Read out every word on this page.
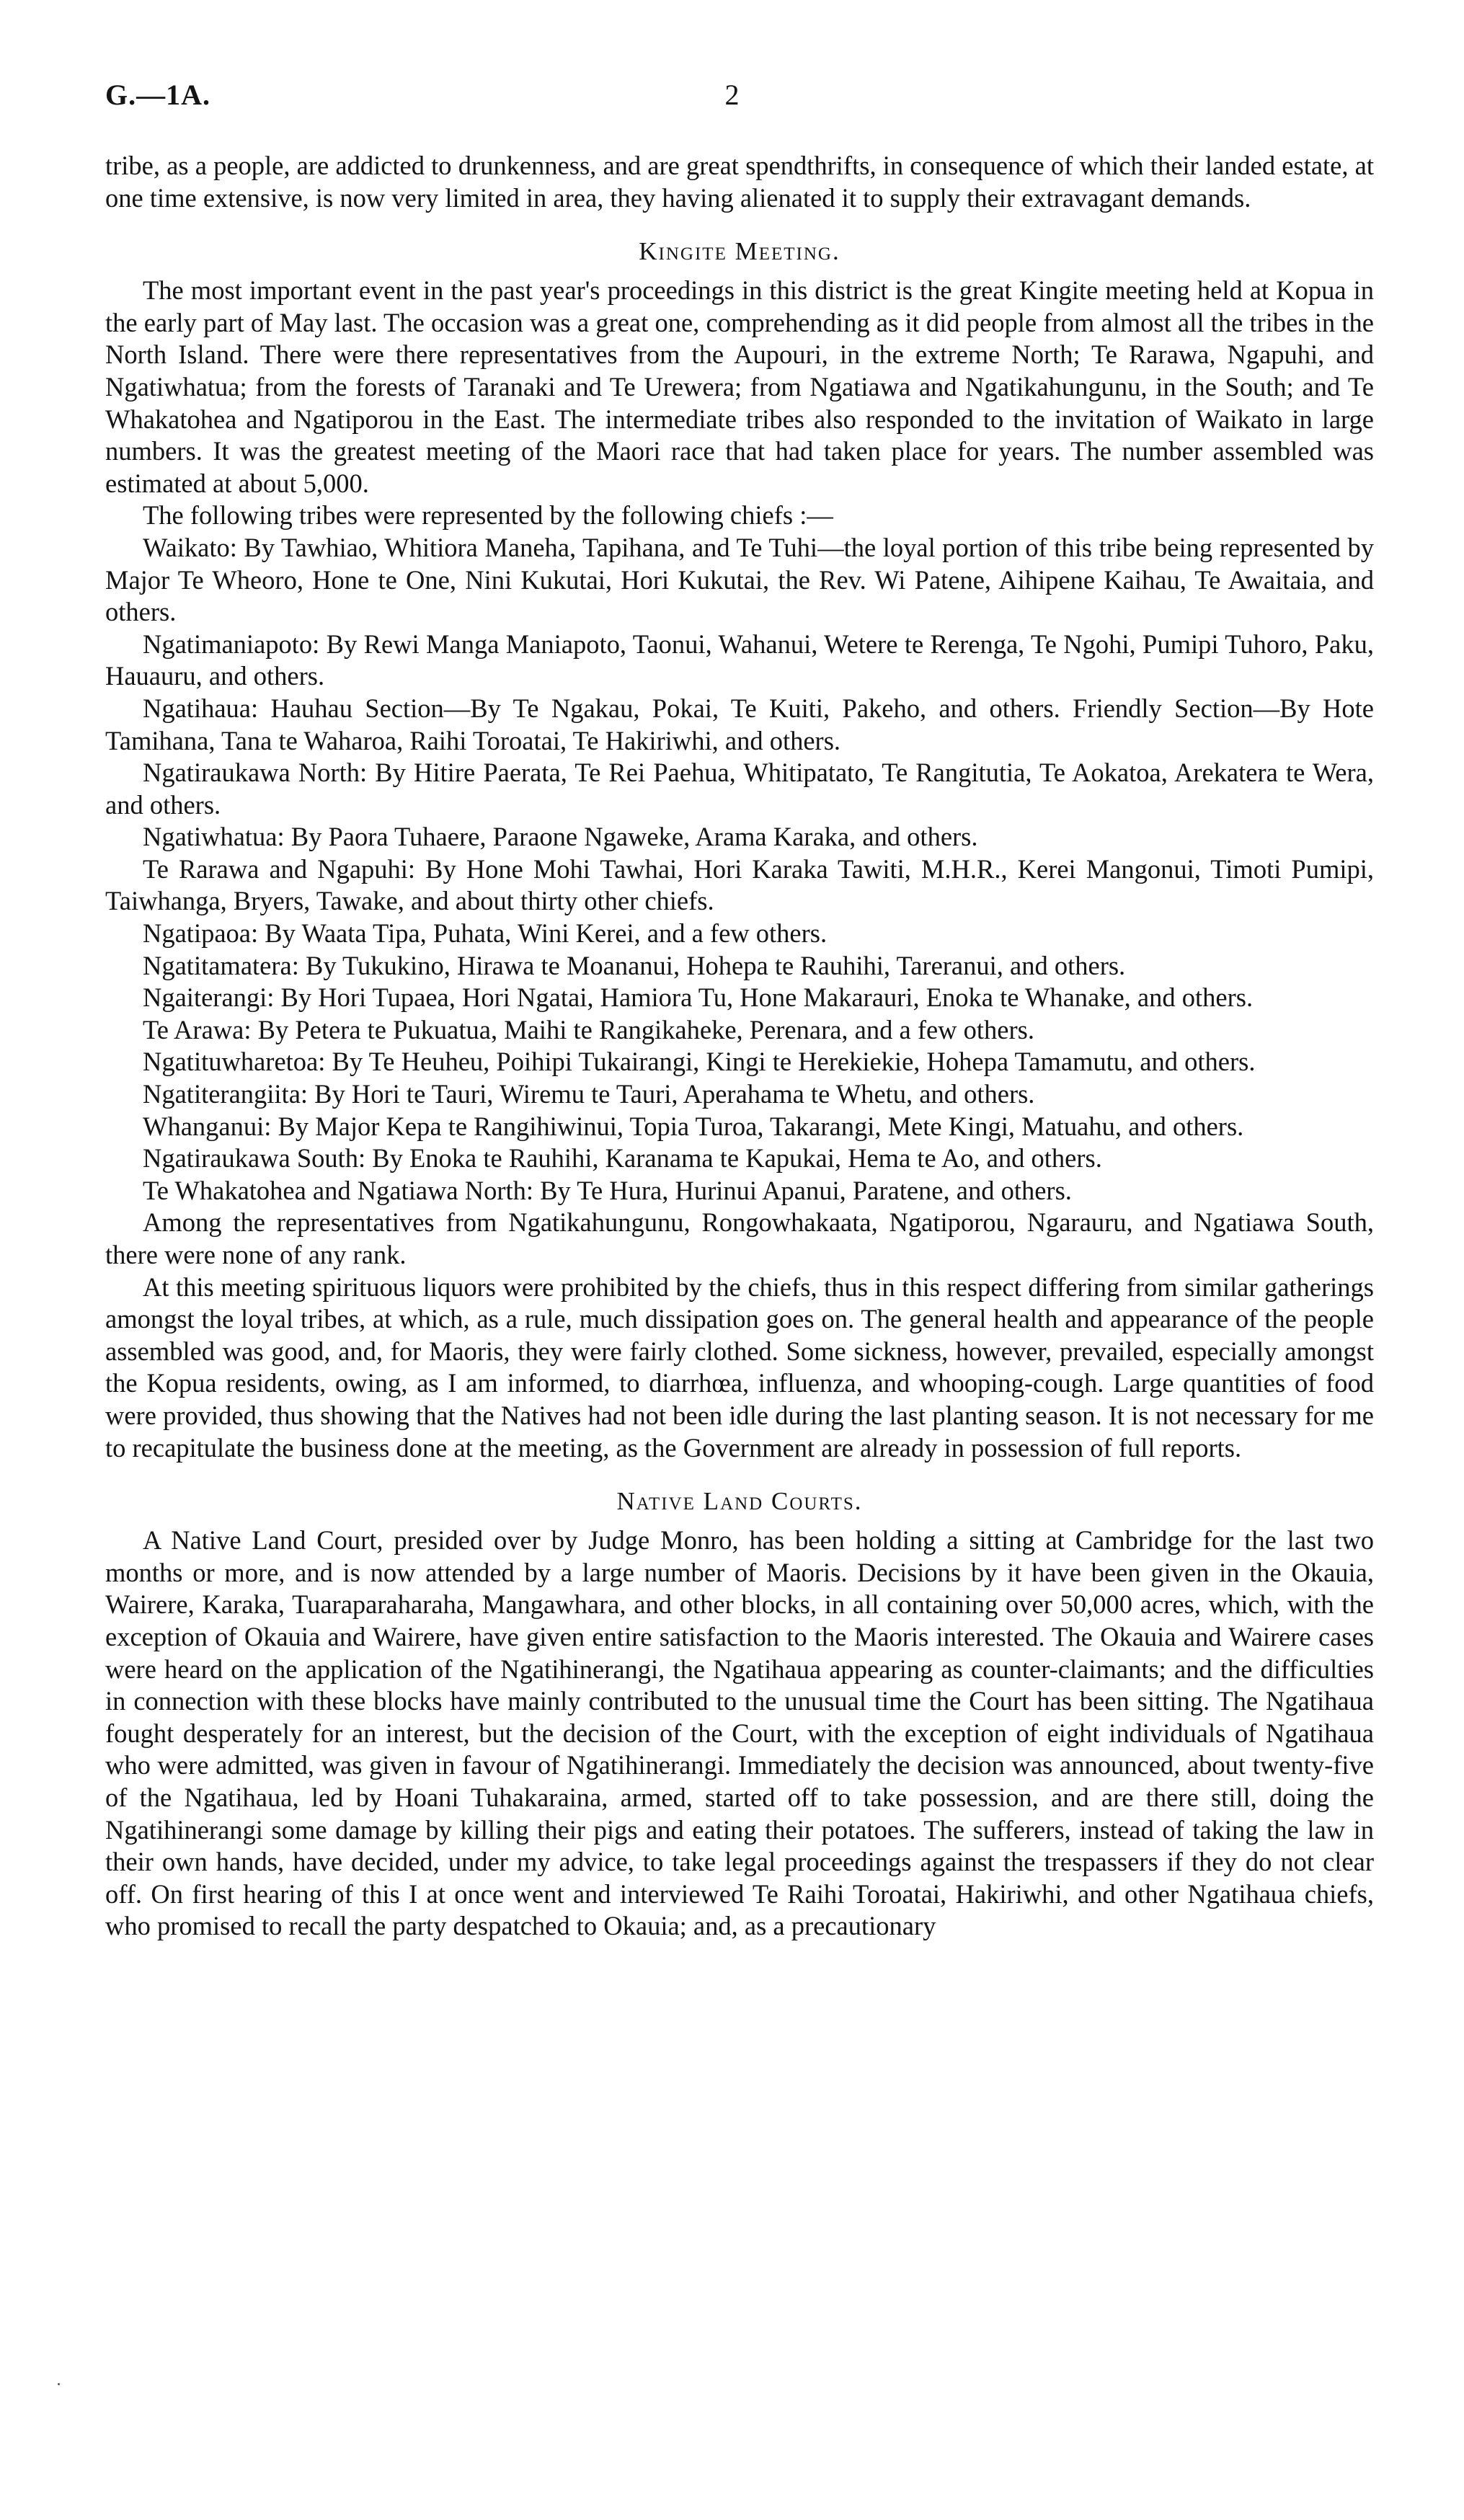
G.—1A.	2

tribe, as a people, are addicted to drunkenness, and are great spendthrifts, in consequence of which their landed estate, at one time extensive, is now very limited in area, they having alienated it to supply their extravagant demands.

Kingite Meeting.

The most important event in the past year's proceedings in this district is the great Kingite meeting held at Kopua in the early part of May last. The occasion was a great one, comprehending as it did people from almost all the tribes in the North Island. There were there representatives from the Aupouri, in the extreme North; Te Rarawa, Ngapuhi, and Ngatiwhatua; from the forests of Taranaki and Te Urewera; from Ngatiawa and Ngatikahungunu, in the South; and Te Whakatohea and Ngatiporou in the East. The intermediate tribes also responded to the invitation of Waikato in large numbers. It was the greatest meeting of the Maori race that had taken place for years. The number assembled was estimated at about 5,000.

The following tribes were represented by the following chiefs :—

Waikato: By Tawhiao, Whitiora Maneha, Tapihana, and Te Tuhi—the loyal portion of this tribe being represented by Major Te Wheoro, Hone te One, Nini Kukutai, Hori Kukutai, the Rev. Wi Patene, Aihipene Kaihau, Te Awaitaia, and others.

Ngatimaniapoto: By Rewi Manga Maniapoto, Taonui, Wahanui, Wetere te Rerenga, Te Ngohi, Pumipi Tuhoro, Paku, Hauauru, and others.

Ngatihaua: Hauhau Section—By Te Ngakau, Pokai, Te Kuiti, Pakeho, and others. Friendly Section—By Hote Tamihana, Tana te Waharoa, Raihi Toroatai, Te Hakiriwhi, and others.

Ngatiraukawa North: By Hitire Paerata, Te Rei Paehua, Whitipatato, Te Rangitutia, Te Aokatoa, Arekatera te Wera, and others.

Ngatiwhatua: By Paora Tuhaere, Paraone Ngaweke, Arama Karaka, and others.

Te Rarawa and Ngapuhi: By Hone Mohi Tawhai, Hori Karaka Tawiti, M.H.R., Kerei Mangonui, Timoti Pumipi, Taiwhanga, Bryers, Tawake, and about thirty other chiefs.

Ngatipaoa: By Waata Tipa, Puhata, Wini Kerei, and a few others.

Ngatitamatera: By Tukukino, Hirawa te Moananui, Hohepa te Rauhihi, Tareranui, and others.

Ngaiterangi: By Hori Tupaea, Hori Ngatai, Hamiora Tu, Hone Makarauri, Enoka te Whanake, and others.

Te Arawa: By Petera te Pukuatua, Maihi te Rangikaheke, Perenara, and a few others.

Ngatituwharetoa: By Te Heuheu, Poihipi Tukairangi, Kingi te Herekiekie, Hohepa Tamamutu, and others.

Ngatiterangiita: By Hori te Tauri, Wiremu te Tauri, Aperahama te Whetu, and others.

Whanganui: By Major Kepa te Rangihiwinui, Topia Turoa, Takarangi, Mete Kingi, Matuahu, and others.

Ngatiraukawa South: By Enoka te Rauhihi, Karanama te Kapukai, Hema te Ao, and others.

Te Whakatohea and Ngatiawa North: By Te Hura, Hurinui Apanui, Paratene, and others.

Among the representatives from Ngatikahungunu, Rongowhakaata, Ngatiporou, Ngarauru, and Ngatiawa South, there were none of any rank.

At this meeting spirituous liquors were prohibited by the chiefs, thus in this respect differing from similar gatherings amongst the loyal tribes, at which, as a rule, much dissipation goes on. The general health and appearance of the people assembled was good, and, for Maoris, they were fairly clothed. Some sickness, however, prevailed, especially amongst the Kopua residents, owing, as I am informed, to diarrhœa, influenza, and whooping-cough. Large quantities of food were provided, thus showing that the Natives had not been idle during the last planting season. It is not necessary for me to recapitulate the business done at the meeting, as the Government are already in possession of full reports.

Native Land Courts.

A Native Land Court, presided over by Judge Monro, has been holding a sitting at Cambridge for the last two months or more, and is now attended by a large number of Maoris. Decisions by it have been given in the Okauia, Wairere, Karaka, Tuaraparaharaha, Mangawhara, and other blocks, in all containing over 50,000 acres, which, with the exception of Okauia and Wairere, have given entire satisfaction to the Maoris interested. The Okauia and Wairere cases were heard on the application of the Ngatihinerangi, the Ngatihaua appearing as counter-claimants; and the difficulties in connection with these blocks have mainly contributed to the unusual time the Court has been sitting. The Ngatihaua fought desperately for an interest, but the decision of the Court, with the exception of eight individuals of Ngatihaua who were admitted, was given in favour of Ngatihinerangi. Immediately the decision was announced, about twenty-five of the Ngatihaua, led by Hoani Tuhakaraina, armed, started off to take possession, and are there still, doing the Ngatihinerangi some damage by killing their pigs and eating their potatoes. The sufferers, instead of taking the law in their own hands, have decided, under my advice, to take legal proceedings against the trespassers if they do not clear off. On first hearing of this I at once went and interviewed Te Raihi Toroatai, Hakiriwhi, and other Ngatihaua chiefs, who promised to recall the party despatched to Okauia; and, as a precautionary
